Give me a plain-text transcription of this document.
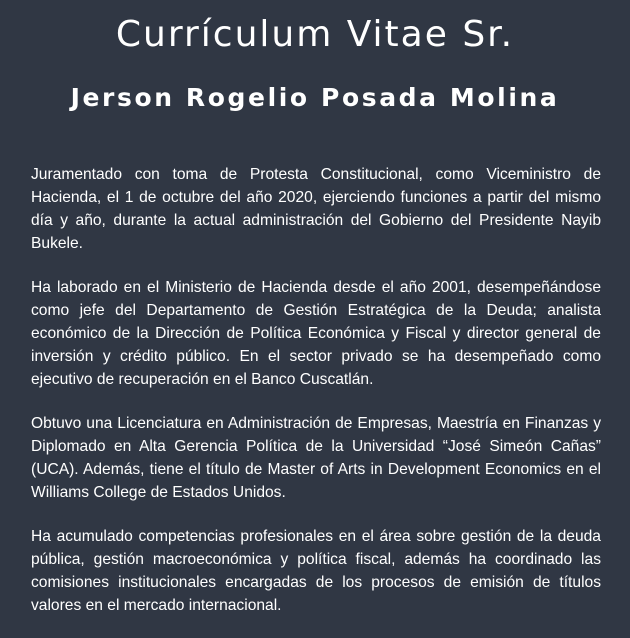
Currículum Vitae Sr.
Jerson Rogelio Posada Molina

Juramentado con toma de Protesta Constitucional, como Viceministro de Hacienda, el 1 de octubre del año 2020, ejerciendo funciones a partir del mismo día y año, durante la actual administración del Gobierno del Presidente Nayib Bukele.

Ha laborado en el Ministerio de Hacienda desde el año 2001, desempeñándose como jefe del Departamento de Gestión Estratégica de la Deuda; analista económico de la Dirección de Política Económica y Fiscal y director general de inversión y crédito público. En el sector privado se ha desempeñado como ejecutivo de recuperación en el Banco Cuscatlán.

Obtuvo una Licenciatura en Administración de Empresas, Maestría en Finanzas y Diplomado en Alta Gerencia Política de la Universidad “José Simeón Cañas” (UCA). Además, tiene el título de Master of Arts in Development Economics en el Williams College de Estados Unidos.

Ha acumulado competencias profesionales en el área sobre gestión de la deuda pública, gestión macroeconómica y política fiscal, además ha coordinado las comisiones institucionales encargadas de los procesos de emisión de títulos valores en el mercado internacional.
